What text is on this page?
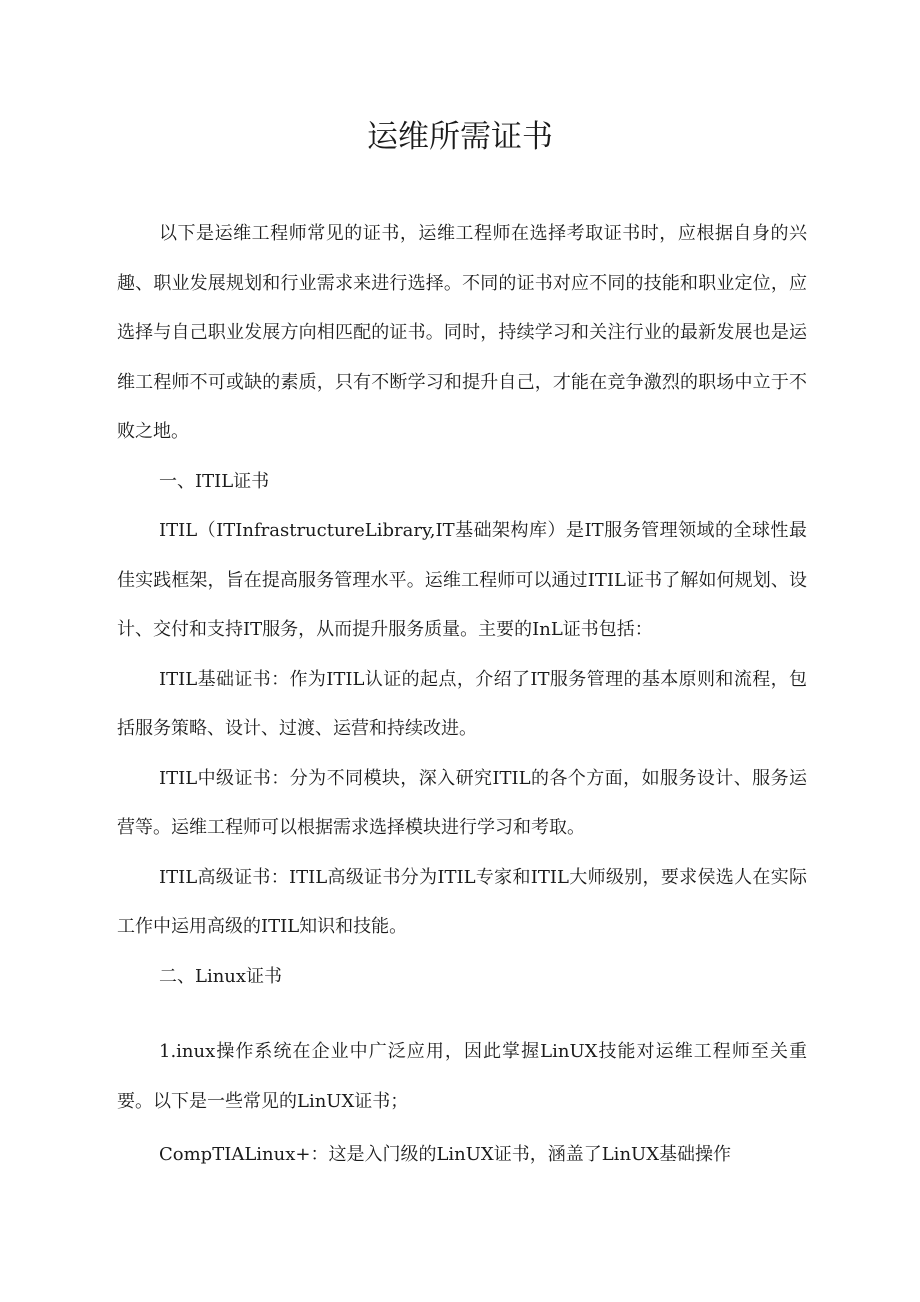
运维所需证书

以下是运维工程师常见的证书，运维工程师在选择考取证书时，应根据自身的兴趣、职业发展规划和行业需求来进行选择。不同的证书对应不同的技能和职业定位，应选择与自己职业发展方向相匹配的证书。同时，持续学习和关注行业的最新发展也是运维工程师不可或缺的素质，只有不断学习和提升自己，才能在竞争激烈的职场中立于不败之地。

一、ITIL证书

ITIL（ITInfrastructureLibrary,IT基础架构库）是IT服务管理领域的全球性最佳实践框架，旨在提高服务管理水平。运维工程师可以通过ITIL证书了解如何规划、设计、交付和支持IT服务，从而提升服务质量。主要的InL证书包括：

ITIL基础证书：作为ITIL认证的起点，介绍了IT服务管理的基本原则和流程，包括服务策略、设计、过渡、运营和持续改进。

ITIL中级证书：分为不同模块，深入研究ITIL的各个方面，如服务设计、服务运营等。运维工程师可以根据需求选择模块进行学习和考取。

ITIL高级证书：ITIL高级证书分为ITIL专家和ITIL大师级别，要求侯选人在实际工作中运用高级的ITIL知识和技能。

二、Linux证书

1.inux操作系统在企业中广泛应用，因此掌握LinUX技能对运维工程师至关重要。以下是一些常见的LinUX证书；

CompTIALinux+：这是入门级的LinUX证书，涵盖了LinUX基础操作
